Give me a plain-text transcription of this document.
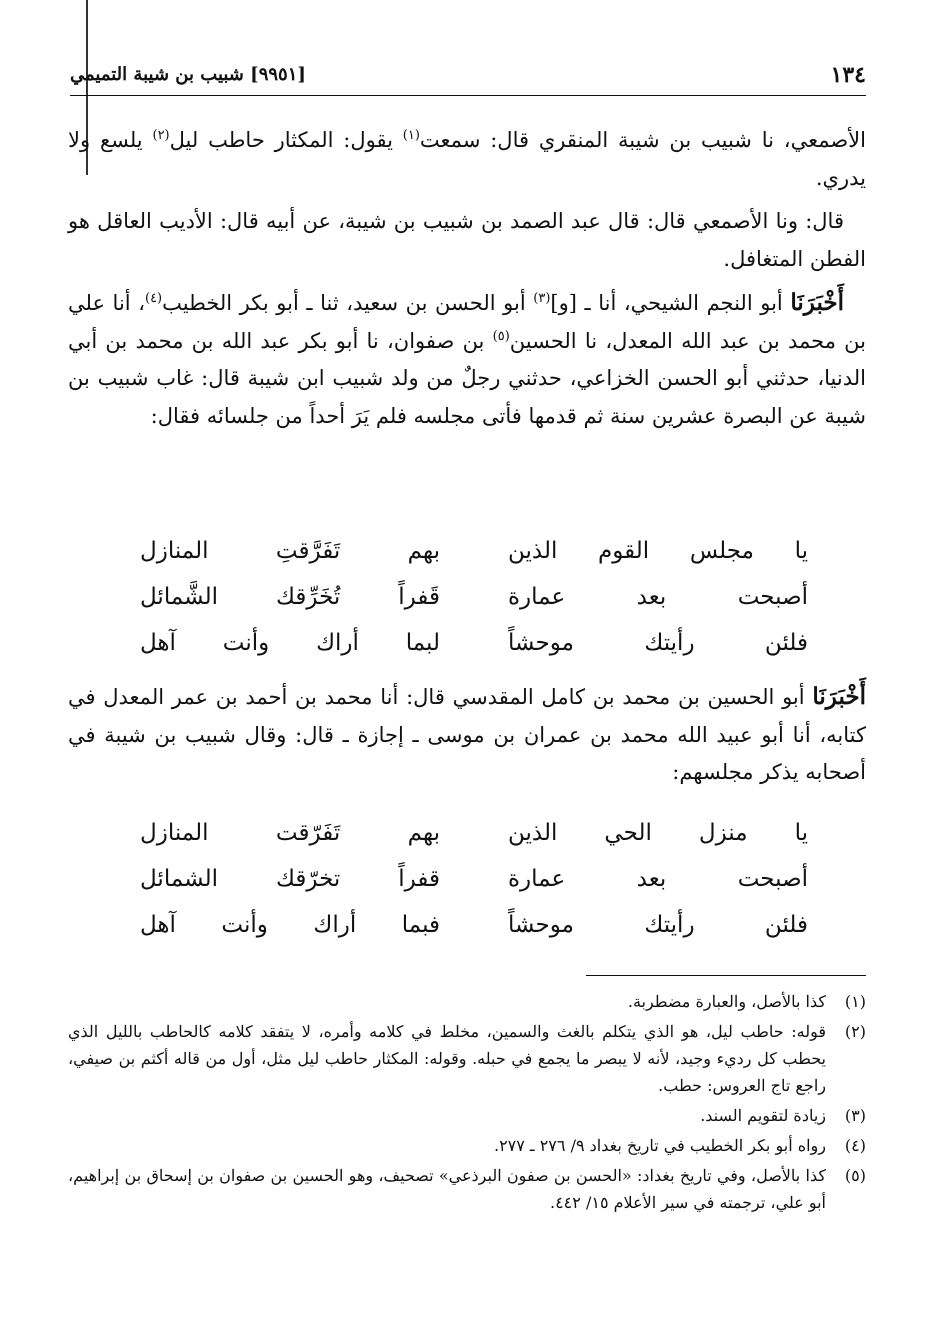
١٣٤
[٩٩٥١] شبيب بن شيبة التميمي

الأصمعي، نا شبيب بن شيبة المنقري قال: سمعت$^{(١)}$ يقول: المكثار حاطب ليل$^{(٢)}$ يلسع ولا يدري.

قال: ونا الأصمعي قال: قال عبد الصمد بن شبيب بن شيبة، عن أبيه قال: الأديب العاقل هو الفطن المتغافل.

أَخْبَرَنَا أبو النجم الشيحي، أنا ـ [و]$^{(٣)}$ أبو الحسن بن سعيد، ثنا ـ أبو بكر الخطيب$^{(٤)}$، أنا علي بن محمد بن عبد الله المعدل، نا الحسين$^{(٥)}$ بن صفوان، نا أبو بكر عبد الله بن محمد بن أبي الدنيا، حدثني أبو الحسن الخزاعي، حدثني رجلٌ من ولد شبيب ابن شيبة قال: غاب شبيب بن شيبة عن البصرة عشرين سنة ثم قدمها فأتى مجلسه فلم يَرَ أحداً من جلسائه فقال:

يا مجلس القوم الذين
بهم تَفَرَّقتِ المنازل
أصبحت بعد عمارة
قَفراً تُخَرِّقك الشَّمائل
فلئن رأيتك موحشاً
لبما أراك وأنت آهل

أَخْبَرَنَا أبو الحسين بن محمد بن كامل المقدسي قال: أنا محمد بن أحمد بن عمر المعدل في كتابه، أنا أبو عبيد الله محمد بن عمران بن موسى ـ إجازة ـ قال: وقال شبيب بن شيبة في أصحابه يذكر مجلسهم:

يا منزل الحي الذين
بهم تَفَرّقت المنازل
أصبحت بعد عمارة
قفراً تخرّقك الشمائل
فلئن رأيتك موحشاً
فبما أراك وأنت آهل
(١)
كذا بالأصل، والعبارة مضطربة.
(٢)
قوله: حاطب ليل، هو الذي يتكلم بالغث والسمين، مخلط في كلامه وأمره، لا يتفقد كلامه كالحاطب بالليل الذي يحطب كل رديء وجيد، لأنه لا يبصر ما يجمع في حبله. وقوله: المكثار حاطب ليل مثل، أول من قاله أكثم بن صيفي، راجع تاج العروس: حطب.
(٣)
زيادة لتقويم السند.
(٤)
رواه أبو بكر الخطيب في تاريخ بغداد ٩/ ٢٧٦ ـ ٢٧٧.
(٥)
كذا بالأصل، وفي تاريخ بغداد: «الحسن بن صفون البرذعي» تصحيف، وهو الحسين بن صفوان بن إسحاق بن إبراهيم، أبو علي، ترجمته في سير الأعلام ١٥/ ٤٤٢.
